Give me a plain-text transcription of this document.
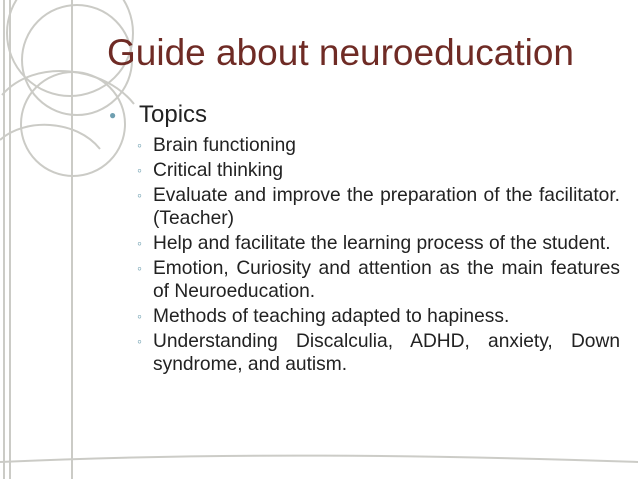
Guide about neuroeducation
● Topics
◦ Brain functioning
◦ Critical thinking
◦ Evaluate and improve the preparation of the facilitator. (Teacher)
◦ Help and facilitate the learning process of the student.
◦ Emotion, Curiosity and attention as the main features of Neuroeducation.
◦ Methods of teaching adapted to hapiness.
◦ Understanding Discalculia, ADHD, anxiety, Down syndrome, and autism.
